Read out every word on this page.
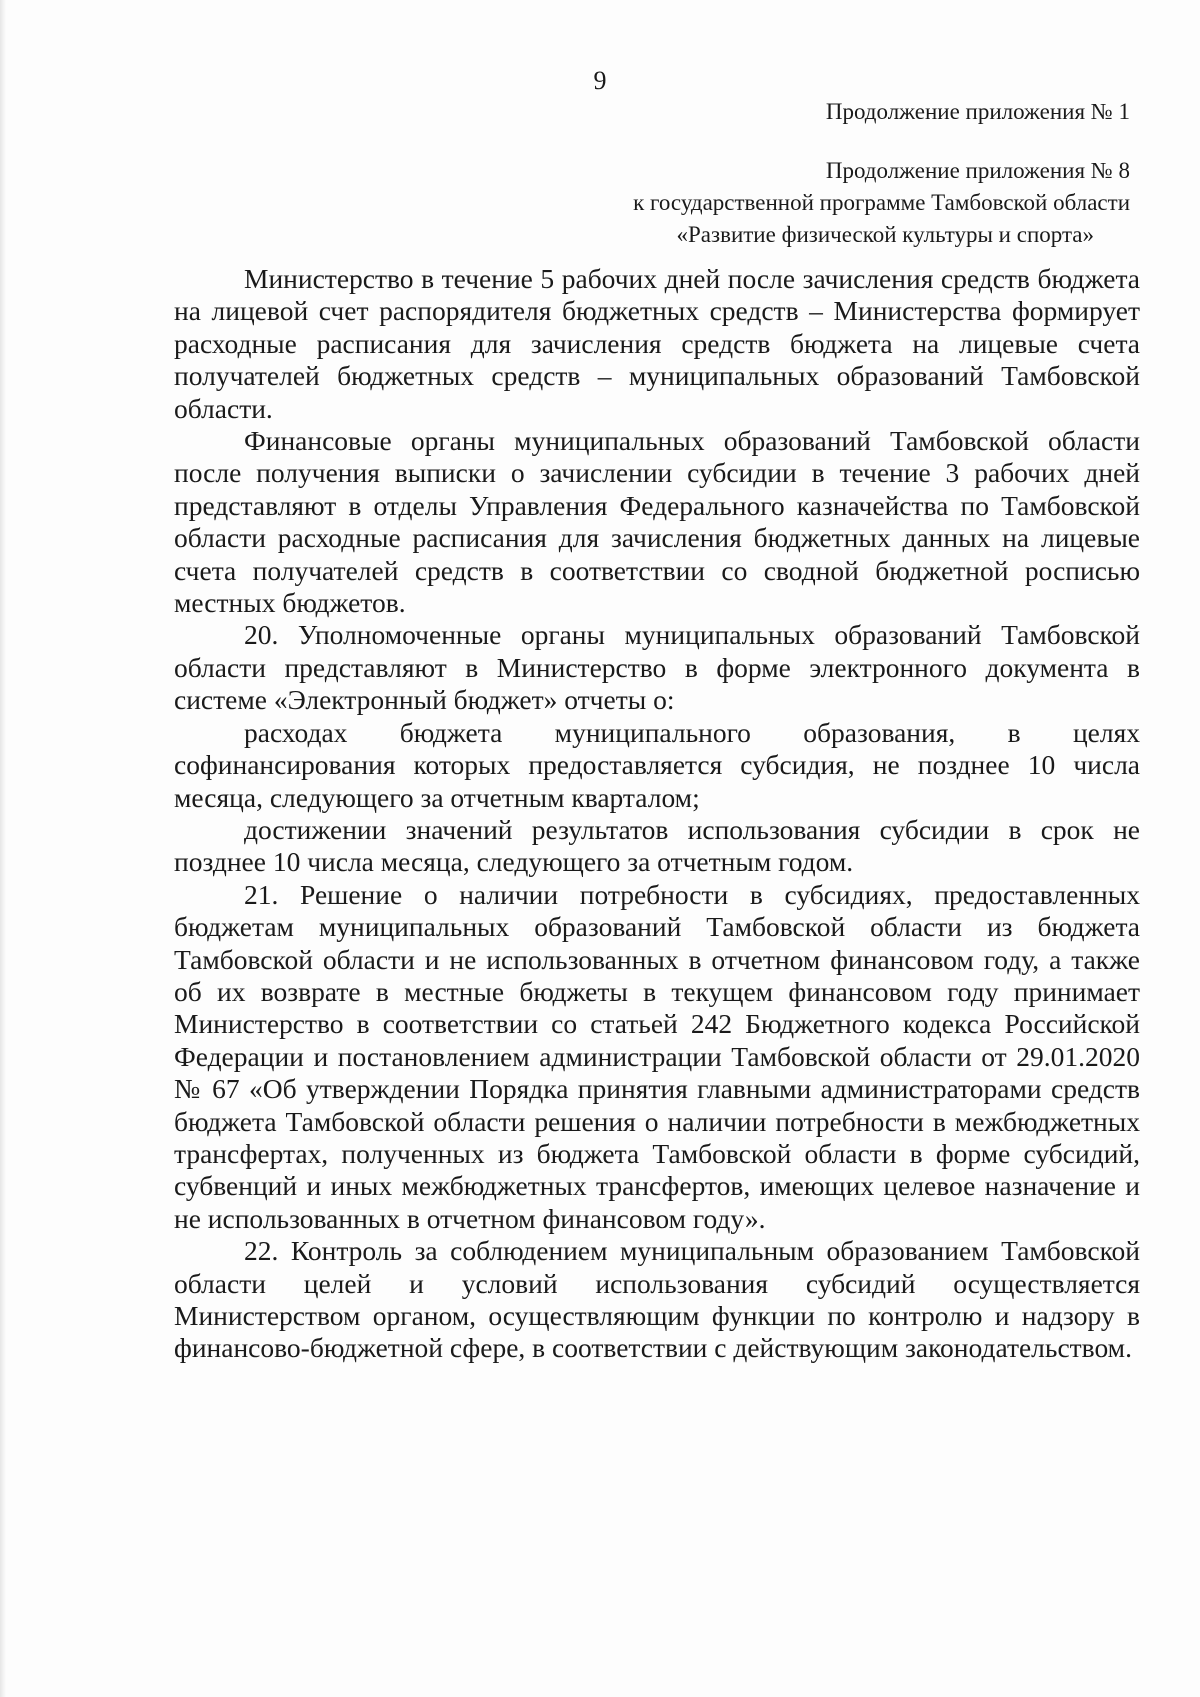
9
Продолжение приложения № 1
Продолжение приложения № 8
к государственной программе Тамбовской области
«Развитие физической культуры и спорта»

Министерство в течение 5 рабочих дней после зачисления средств бюджета на лицевой счет распорядителя бюджетных средств – Министерства формирует расходные расписания для зачисления средств бюджета на лицевые счета получателей бюджетных средств – муниципальных образований Тамбовской области.

Финансовые органы муниципальных образований Тамбовской области после получения выписки о зачислении субсидии в течение 3 рабочих дней представляют в отделы Управления Федерального казначейства по Тамбовской области расходные расписания для зачисления бюджетных данных на лицевые счета получателей средств в соответствии со сводной бюджетной росписью местных бюджетов.

20. Уполномоченные органы муниципальных образований Тамбовской области представляют в Министерство в форме электронного документа в системе «Электронный бюджет» отчеты о:

расходах бюджета муниципального образования, в целях софинансирования которых предоставляется субсидия, не позднее 10 числа месяца, следующего за отчетным кварталом;

достижении значений результатов использования субсидии в срок не позднее 10 числа месяца, следующего за отчетным годом.

21. Решение о наличии потребности в субсидиях, предоставленных бюджетам муниципальных образований Тамбовской области из бюджета Тамбовской области и не использованных в отчетном финансовом году, а также об их возврате в местные бюджеты в текущем финансовом году принимает Министерство в соответствии со статьей 242 Бюджетного кодекса Российской Федерации и постановлением администрации Тамбовской области от 29.01.2020 № 67 «Об утверждении Порядка принятия главными администраторами средств бюджета Тамбовской области решения о наличии потребности в межбюджетных трансфертах, полученных из бюджета Тамбовской области в форме субсидий, субвенций и иных межбюджетных трансфертов, имеющих целевое назначение и не использованных в отчетном финансовом году».

22. Контроль за соблюдением муниципальным образованием Тамбовской области целей и условий использования субсидий осуществляется Министерством органом, осуществляющим функции по контролю и надзору в финансово-бюджетной сфере, в соответствии с действующим законодательством.
